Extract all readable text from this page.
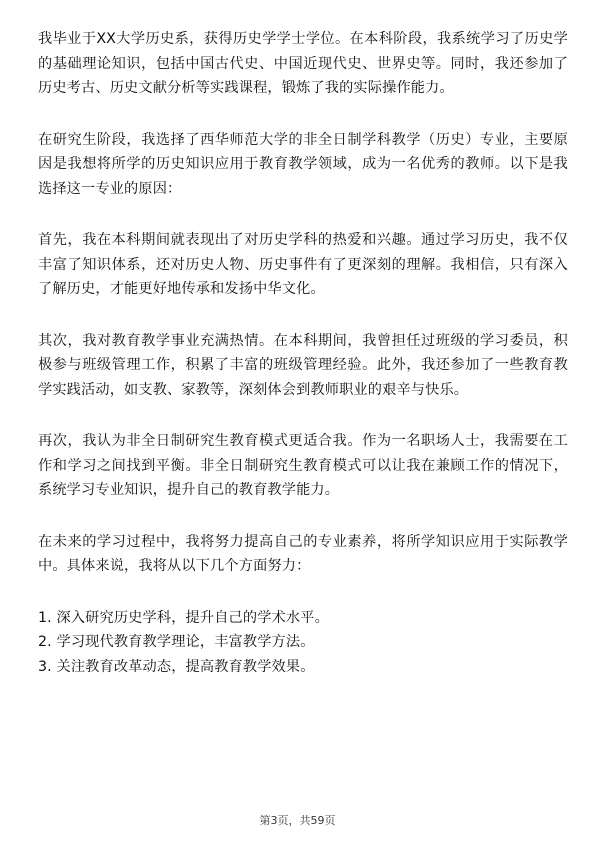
我毕业于XX大学历史系，获得历史学学士学位。在本科阶段，我系统学习了历史学的基础理论知识，包括中国古代史、中国近现代史、世界史等。同时，我还参加了历史考古、历史文献分析等实践课程，锻炼了我的实际操作能力。

在研究生阶段，我选择了西华师范大学的非全日制学科教学（历史）专业，主要原因是我想将所学的历史知识应用于教育教学领域，成为一名优秀的教师。以下是我选择这一专业的原因：

首先，我在本科期间就表现出了对历史学科的热爱和兴趣。通过学习历史，我不仅丰富了知识体系，还对历史人物、历史事件有了更深刻的理解。我相信，只有深入了解历史，才能更好地传承和发扬中华文化。

其次，我对教育教学事业充满热情。在本科期间，我曾担任过班级的学习委员，积极参与班级管理工作，积累了丰富的班级管理经验。此外，我还参加了一些教育教学实践活动，如支教、家教等，深刻体会到教师职业的艰辛与快乐。

再次，我认为非全日制研究生教育模式更适合我。作为一名职场人士，我需要在工作和学习之间找到平衡。非全日制研究生教育模式可以让我在兼顾工作的情况下，系统学习专业知识，提升自己的教育教学能力。

在未来的学习过程中，我将努力提高自己的专业素养，将所学知识应用于实际教学中。具体来说，我将从以下几个方面努力：

1. 深入研究历史学科，提升自己的学术水平。
2. 学习现代教育教学理论，丰富教学方法。
3. 关注教育改革动态，提高教育教学效果。
第3页，共59页
